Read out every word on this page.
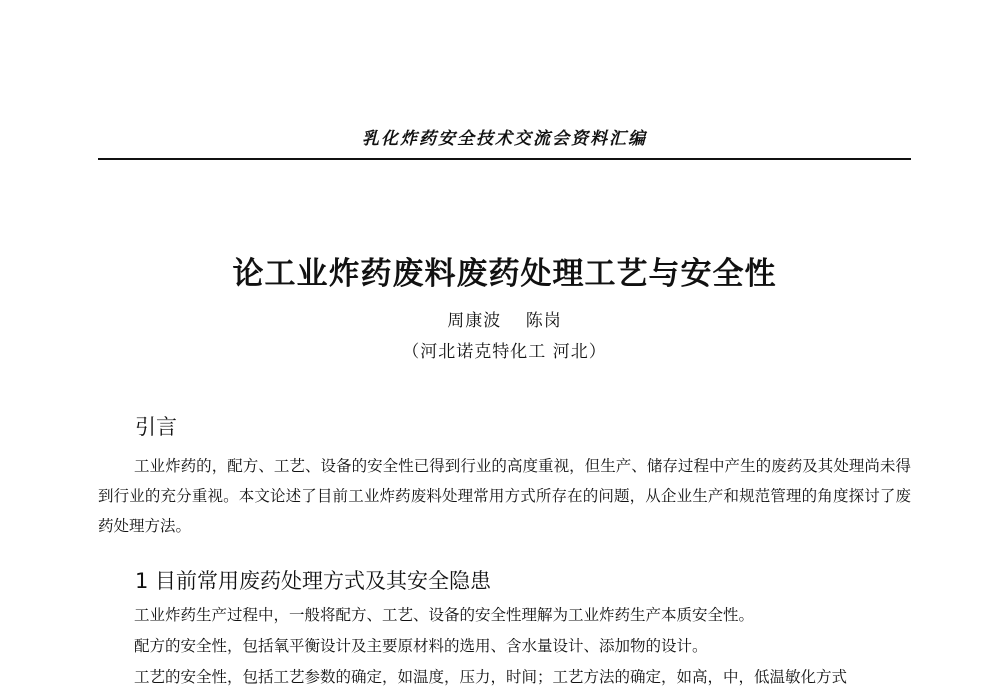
乳化炸药安全技术交流会资料汇编
论工业炸药废料废药处理工艺与安全性
周康波 陈岗
（河北诺克特化工 河北）
引言

工业炸药的，配方、工艺、设备的安全性已得到行业的高度重视，但生产、储存过程中产生的废药及其处理尚未得到行业的充分重视。本文论述了目前工业炸药废料处理常用方式所存在的问题，从企业生产和规范管理的角度探讨了废药处理方法。

1 目前常用废药处理方式及其安全隐患

工业炸药生产过程中，一般将配方、工艺、设备的安全性理解为工业炸药生产本质安全性。

配方的安全性，包括氧平衡设计及主要原材料的选用、含水量设计、添加物的设计。

工艺的安全性，包括工艺参数的确定，如温度，压力，时间；工艺方法的确定，如高，中，低温敏化方式
